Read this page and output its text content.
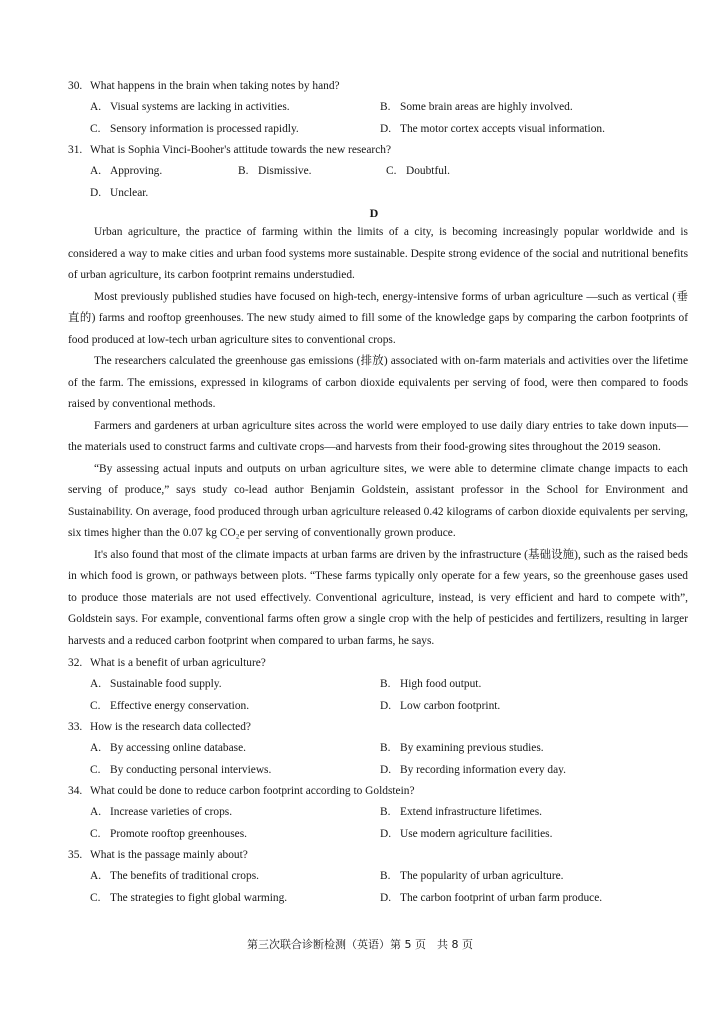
30. What happens in the brain when taking notes by hand?

A. Visual systems are lacking in activities.	B. Some brain areas are highly involved.
C. Sensory information is processed rapidly.	D. The motor cortex accepts visual information.

31. What is Sophia Vinci-Booher's attitude towards the new research?

A. Approving.	B. Dismissive.	C. Doubtful.
D. Unclear.

D

Urban agriculture, the practice of farming within the limits of a city, is becoming increasingly popular worldwide and is considered a way to make cities and urban food systems more sustainable. Despite strong evidence of the social and nutritional benefits of urban agriculture, its carbon footprint remains understudied.

Most previously published studies have focused on high-tech, energy-intensive forms of urban agriculture —such as vertical (垂直的) farms and rooftop greenhouses. The new study aimed to fill some of the knowledge gaps by comparing the carbon footprints of food produced at low-tech urban agriculture sites to conventional crops.

The researchers calculated the greenhouse gas emissions (排放) associated with on-farm materials and activities over the lifetime of the farm. The emissions, expressed in kilograms of carbon dioxide equivalents per serving of food, were then compared to foods raised by conventional methods.

Farmers and gardeners at urban agriculture sites across the world were employed to use daily diary entries to take down inputs—the materials used to construct farms and cultivate crops—and harvests from their food-growing sites throughout the 2019 season.

“By assessing actual inputs and outputs on urban agriculture sites, we were able to determine climate change impacts to each serving of produce,” says study co-lead author Benjamin Goldstein, assistant professor in the School for Environment and Sustainability. On average, food produced through urban agriculture released 0.42 kilograms of carbon dioxide equivalents per serving, six times higher than the 0.07 kg CO₂e per serving of conventionally grown produce.

It's also found that most of the climate impacts at urban farms are driven by the infrastructure (基础设施), such as the raised beds in which food is grown, or pathways between plots. “These farms typically only operate for a few years, so the greenhouse gases used to produce those materials are not used effectively. Conventional agriculture, instead, is very efficient and hard to compete with”, Goldstein says. For example, conventional farms often grow a single crop with the help of pesticides and fertilizers, resulting in larger harvests and a reduced carbon footprint when compared to urban farms, he says.

32. What is a benefit of urban agriculture?

A. Sustainable food supply.	B. High food output.
C. Effective energy conservation.	D. Low carbon footprint.

33. How is the research data collected?

A. By accessing online database.	B. By examining previous studies.
C. By conducting personal interviews.	D. By recording information every day.

34. What could be done to reduce carbon footprint according to Goldstein?

A. Increase varieties of crops.	B. Extend infrastructure lifetimes.
C. Promote rooftop greenhouses.	D. Use modern agriculture facilities.

35. What is the passage mainly about?

A. The benefits of traditional crops.	B. The popularity of urban agriculture.
C. The strategies to fight global warming.	D. The carbon footprint of urban farm produce.
第三次联合诊断检测（英语）第 5 页　共 8 页
